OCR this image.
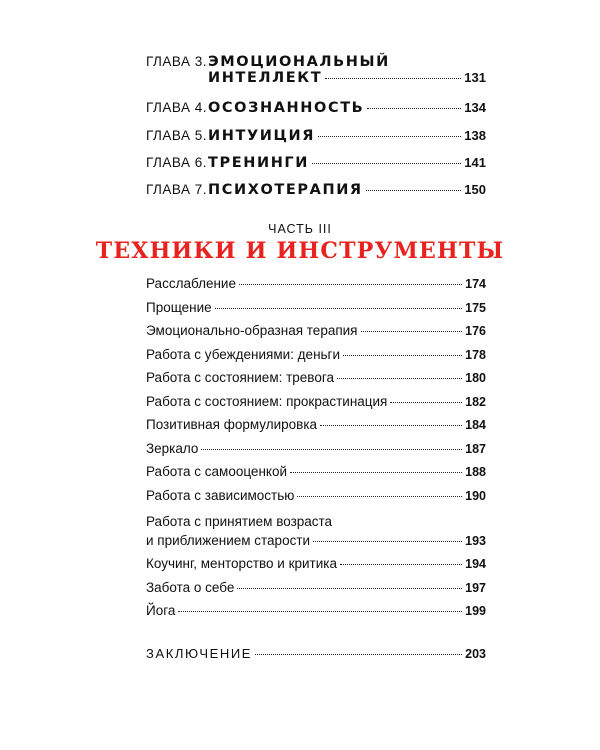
ГЛАВА 3. ЭМОЦИОНАЛЬНЫЙ
ИНТЕЛЛЕКТ	131
ГЛАВА 4. ОСОЗНАННОСТЬ	134
ГЛАВА 5. ИНТУИЦИЯ	138
ГЛАВА 6. ТРЕНИНГИ	141
ГЛАВА 7. ПСИХОТЕРАПИЯ	150
ЧАСТЬ III
ТЕХНИКИ И ИНСТРУМЕНТЫ
Расслабление	174
Прощение	175
Эмоционально-образная терапия	176
Работа с убеждениями: деньги	178
Работа с состоянием: тревога	180
Работа с состоянием: прокрастинация	182
Позитивная формулировка	184
Зеркало	187
Работа с самооценкой	188
Работа с зависимостью	190
Работа с принятием возраста
и приближением старости	193
Коучинг, менторство и критика	194
Забота о себе	197
Йога	199
ЗАКЛЮЧЕНИЕ	203
